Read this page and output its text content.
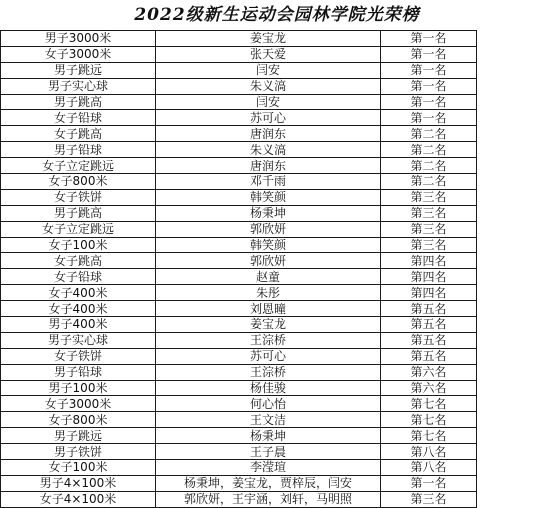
2022级新生运动会园林学院光荣榜
男子3000米	姜宝龙	第一名	
女子3000米	张天爱	第一名	
男子跳远	闫安	第一名	
男子实心球	朱义滈	第一名	
男子跳高	闫安	第一名	
女子铅球	苏可心	第一名	
女子跳高	唐润东	第二名	
男子铅球	朱义滈	第二名	
女子立定跳远	唐润东	第二名	
女子800米	邓千雨	第二名	
女子铁饼	韩笑颜	第三名	
男子跳高	杨秉坤	第三名	
女子立定跳远	郭欣妍	第三名	
女子100米	韩笑颜	第三名	
女子跳高	郭欣妍	第四名	
女子铅球	赵童	第四名	
女子400米	朱彤	第四名	
女子400米	刘恩曈	第五名	
男子400米	姜宝龙	第五名	
男子实心球	王淙桥	第五名	
女子铁饼	苏可心	第五名	
男子铅球	王淙桥	第六名	
男子100米	杨佳骏	第六名	
女子3000米	何心怡	第七名	
女子800米	王文洁	第七名	
男子跳远	杨秉坤	第七名	
男子铁饼	王子晨	第八名	
女子100米	李滢瑄	第八名	
男子4×100米	杨秉坤，姜宝龙，贾梓辰，闫安	第一名	
女子4×100米	郭欣妍，王宇涵，刘轩，马明照	第三名	
